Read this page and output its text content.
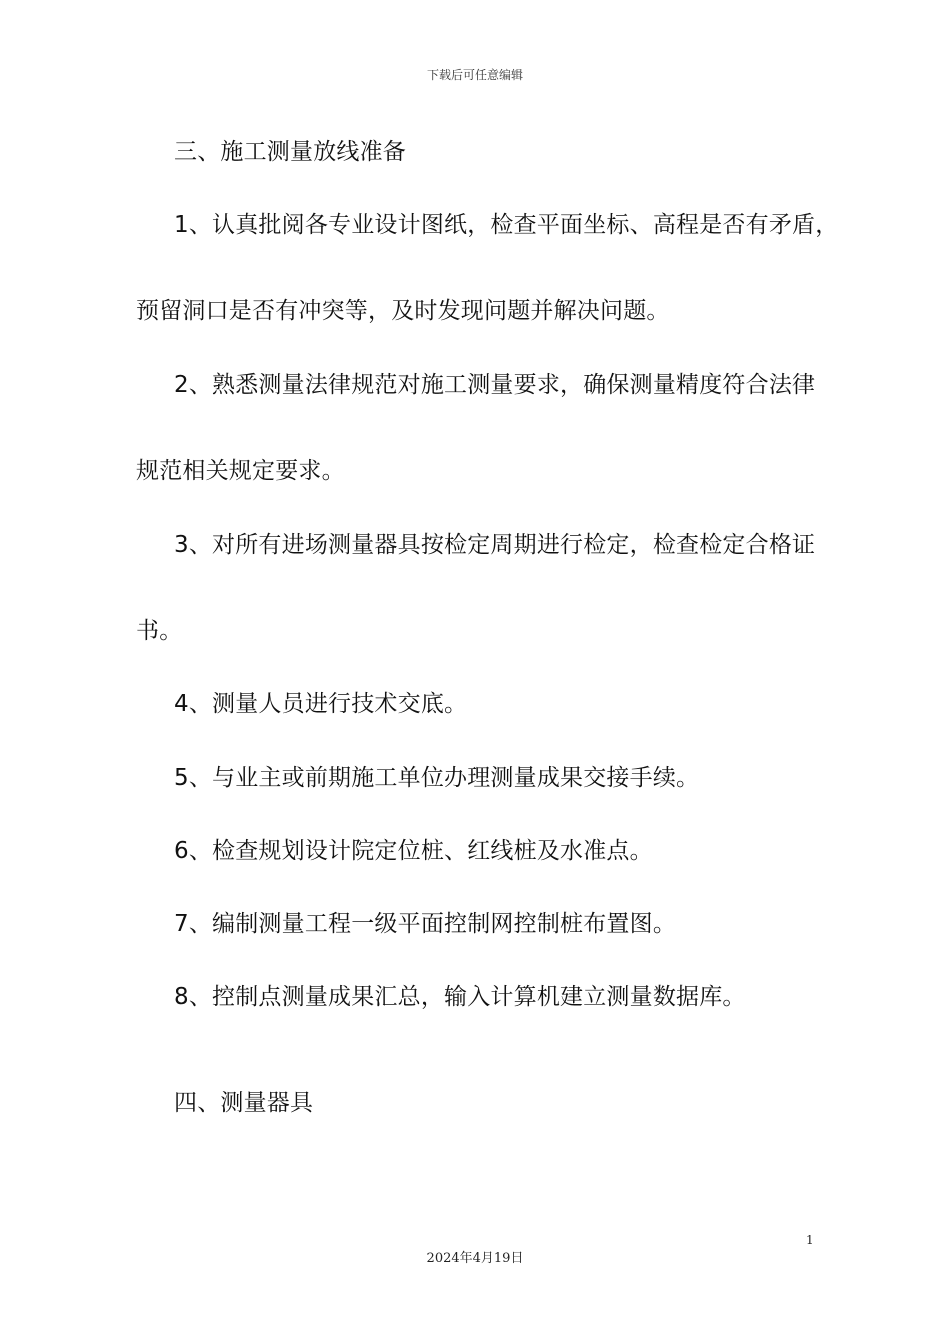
下载后可任意编辑
三、施工测量放线准备
1、认真批阅各专业设计图纸，检查平面坐标、高程是否有矛盾，
预留洞口是否有冲突等，及时发现问题并解决问题。
2、熟悉测量法律规范对施工测量要求，确保测量精度符合法律
规范相关规定要求。
3、对所有进场测量器具按检定周期进行检定，检查检定合格证
书。
4、测量人员进行技术交底。
5、与业主或前期施工单位办理测量成果交接手续。
6、检查规划设计院定位桩、红线桩及水准点。
7、编制测量工程一级平面控制网控制桩布置图。
8、控制点测量成果汇总，输入计算机建立测量数据库。
四、测量器具
1
2024年4月19日
